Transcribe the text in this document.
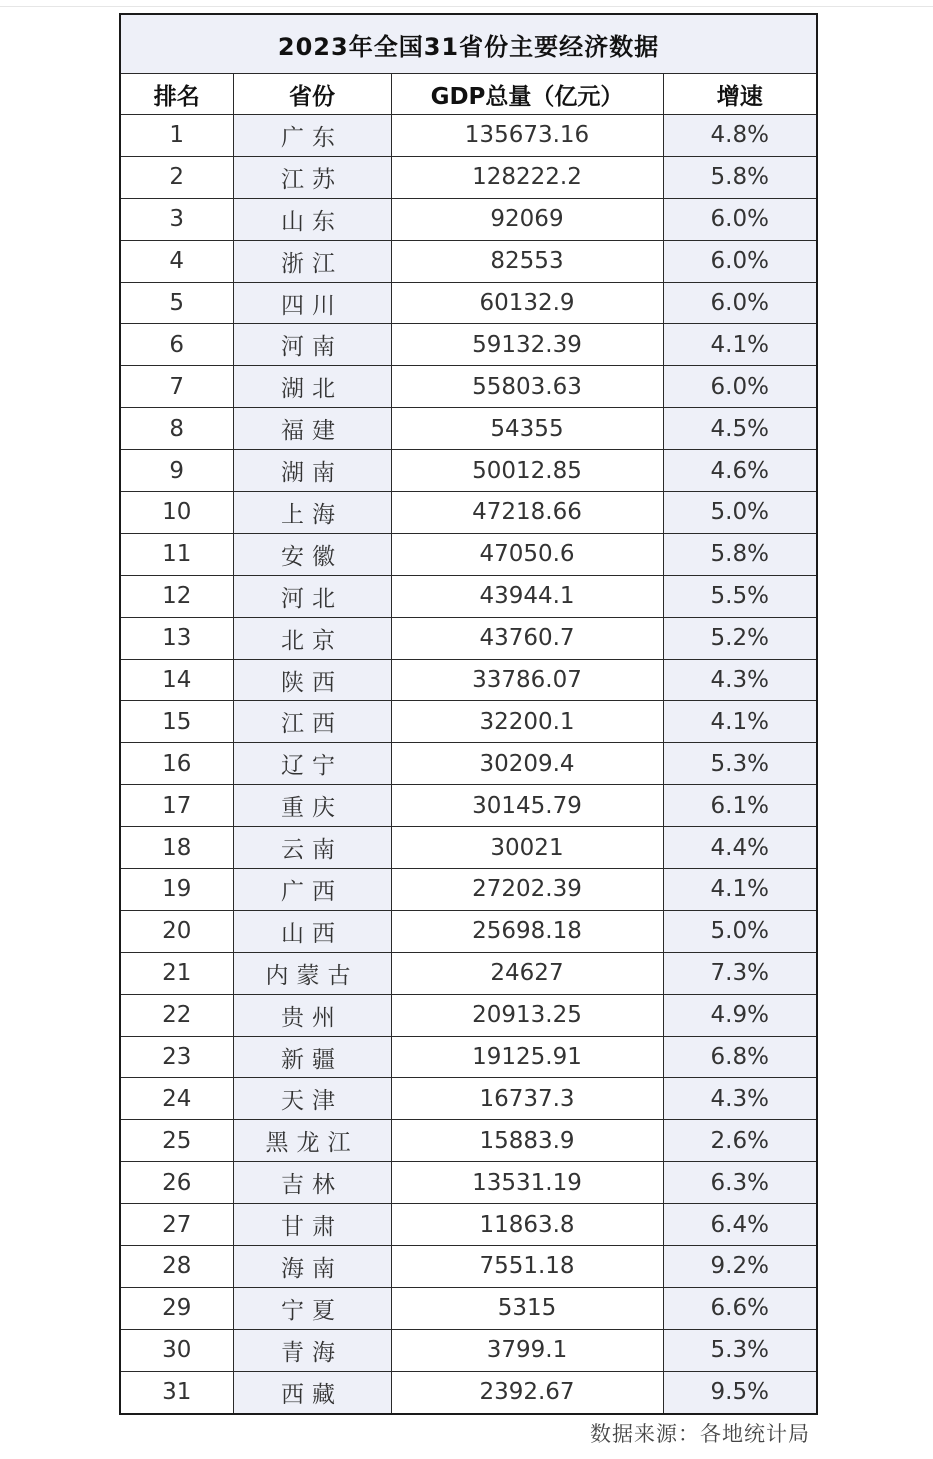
2023年全国31省份主要经济数据			
排名	省份	GDP总量（亿元）	增速
1	广东	135673.16	4.8%
2	江苏	128222.2	5.8%
3	山东	92069	6.0%
4	浙江	82553	6.0%
5	四川	60132.9	6.0%
6	河南	59132.39	4.1%
7	湖北	55803.63	6.0%
8	福建	54355	4.5%
9	湖南	50012.85	4.6%
10	上海	47218.66	5.0%
11	安徽	47050.6	5.8%
12	河北	43944.1	5.5%
13	北京	43760.7	5.2%
14	陕西	33786.07	4.3%
15	江西	32200.1	4.1%
16	辽宁	30209.4	5.3%
17	重庆	30145.79	6.1%
18	云南	30021	4.4%
19	广西	27202.39	4.1%
20	山西	25698.18	5.0%
21	内蒙古	24627	7.3%
22	贵州	20913.25	4.9%
23	新疆	19125.91	6.8%
24	天津	16737.3	4.3%
25	黑龙江	15883.9	2.6%
26	吉林	13531.19	6.3%
27	甘肃	11863.8	6.4%
28	海南	7551.18	9.2%
29	宁夏	5315	6.6%
30	青海	3799.1	5.3%
31	西藏	2392.67	9.5%
数据来源：各地统计局
